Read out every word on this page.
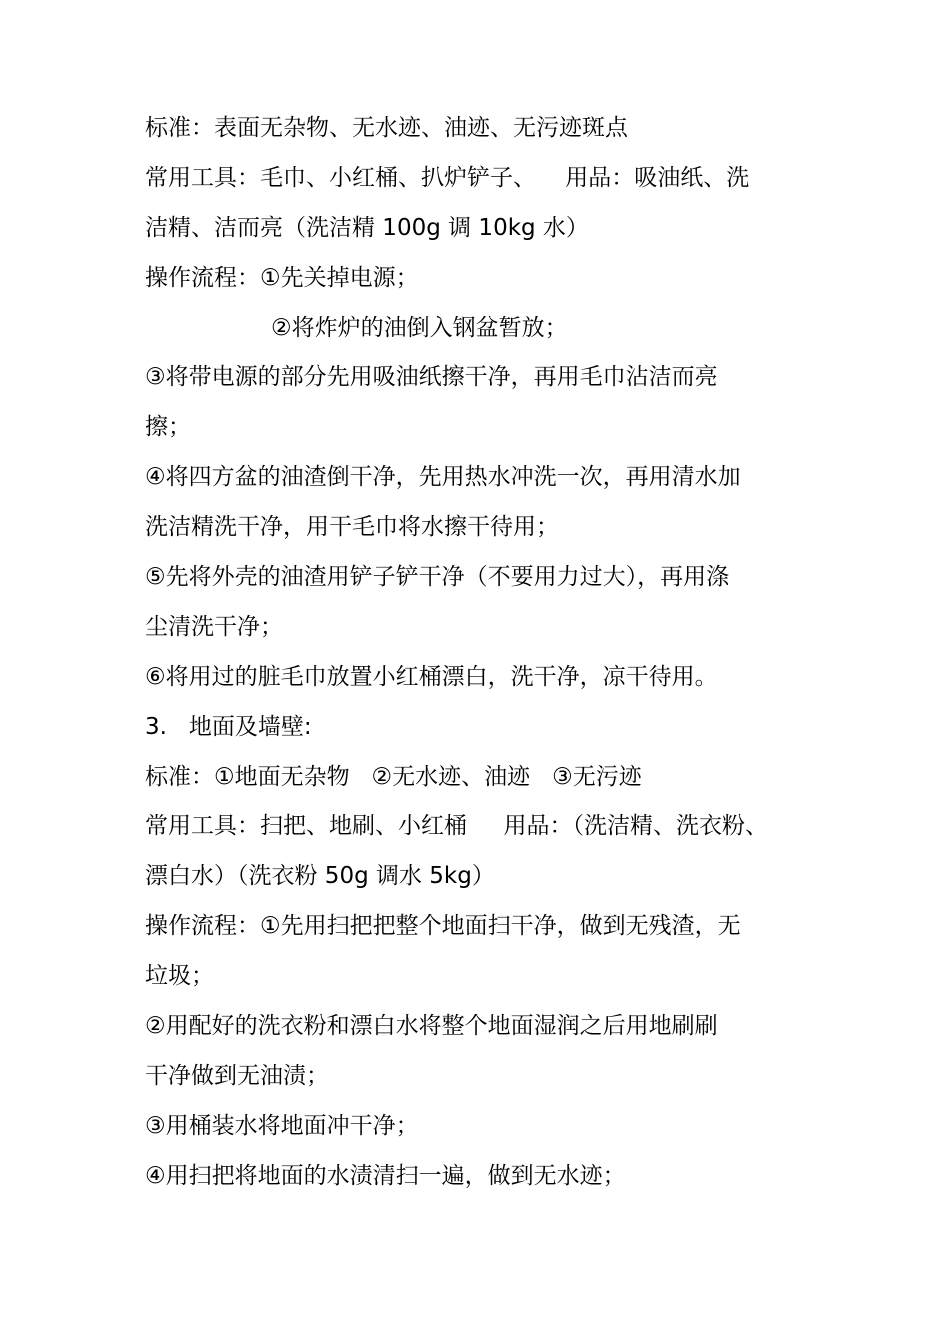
标准：表面无杂物、无水迹、油迹、无污迹斑点
常用工具：毛巾、小红桶、扒炉铲子、    用品：吸油纸、洗
洁精、洁而亮（洗洁精 100g 调 10kg 水）
操作流程：①先关掉电源；
②将炸炉的油倒入钢盆暂放；
③将带电源的部分先用吸油纸擦干净，再用毛巾沾洁而亮
擦；
④将四方盆的油渣倒干净，先用热水冲洗一次，再用清水加
洗洁精洗干净，用干毛巾将水擦干待用；
⑤先将外壳的油渣用铲子铲干净（不要用力过大），再用涤
尘清洗干净；
⑥将用过的脏毛巾放置小红桶漂白，洗干净，凉干待用。
3.   地面及墙壁:
标准：①地面无杂物   ②无水迹、油迹   ③无污迹
常用工具：扫把、地刷、小红桶     用品：（洗洁精、洗衣粉、
漂白水）（洗衣粉 50g 调水 5kg）
操作流程：①先用扫把把整个地面扫干净，做到无残渣，无
垃圾；
②用配好的洗衣粉和漂白水将整个地面湿润之后用地刷刷
干净做到无油渍；
③用桶装水将地面冲干净；
④用扫把将地面的水渍清扫一遍，做到无水迹；
